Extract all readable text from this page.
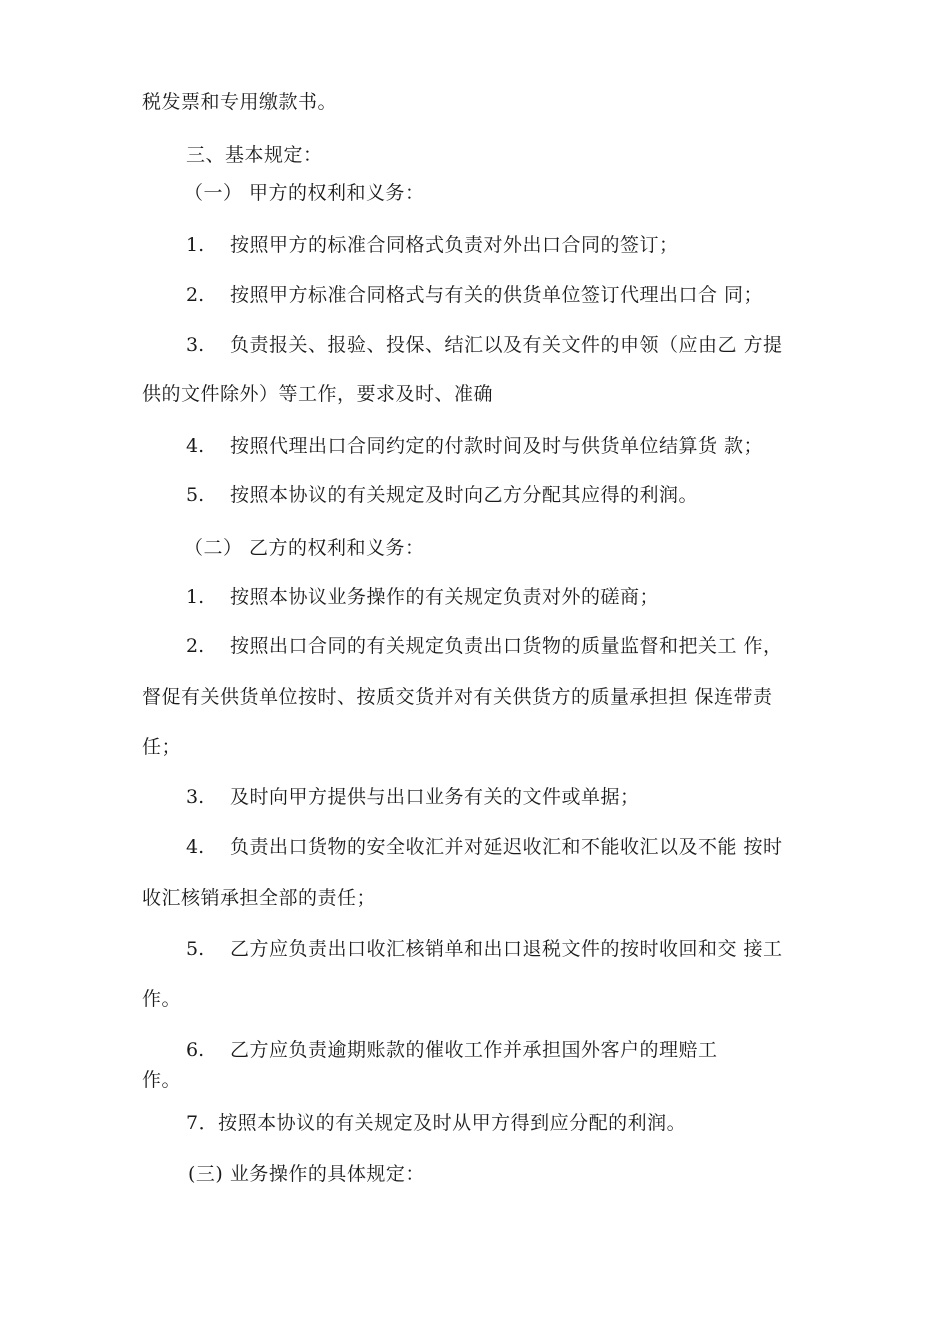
税发票和专用缴款书。
三、基本规定：
（一） 甲方的权利和义务：
1. 按照甲方的标准合同格式负责对外出口合同的签订；
2. 按照甲方标准合同格式与有关的供货单位签订代理出口合 同；
3. 负责报关、报验、投保、结汇以及有关文件的申领（应由乙 方提
供的文件除外）等工作，要求及时、准确
4. 按照代理出口合同约定的付款时间及时与供货单位结算货 款；
5. 按照本协议的有关规定及时向乙方分配其应得的利润。
（二） 乙方的权利和义务：
1. 按照本协议业务操作的有关规定负责对外的磋商；
2. 按照出口合同的有关规定负责出口货物的质量监督和把关工 作，
督促有关供货单位按时、按质交货并对有关供货方的质量承担担 保连带责
任；
3. 及时向甲方提供与出口业务有关的文件或单据；
4. 负责出口货物的安全收汇并对延迟收汇和不能收汇以及不能 按时
收汇核销承担全部的责任；
5. 乙方应负责出口收汇核销单和出口退税文件的按时收回和交 接工
作。
6. 乙方应负责逾期账款的催收工作并承担国外客户的理赔工
作。
7．按照本协议的有关规定及时从甲方得到应分配的利润。
(三) 业务操作的具体规定：
